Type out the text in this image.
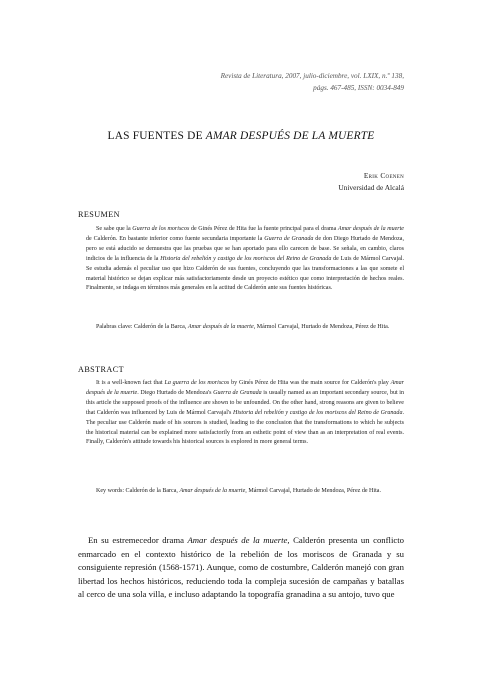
Revista de Literatura, 2007, julio-diciembre, vol. LXIX, n.º 138,
págs. 467-485, ISSN: 0034-849
LAS FUENTES DE AMAR DESPUÉS DE LA MUERTE
Erik Coenen
Universidad de Alcalá
RESUMEN
Se sabe que la Guerra de los moriscos de Ginés Pérez de Hita fue la fuente principal para el drama Amar después de la muerte de Calderón. En bastante inferior como fuente secundaria importante la Guerra de Granada de don Diego Hurtado de Mendoza, pero se está aducido se demuestra que las pruebas que se han aportado para ello carecen de base. Se señala, en cambio, claros indicios de la influencia de la Historia del rebelión y castigo de los moriscos del Reino de Granada de Luis de Mármol Carvajal. Se estudia además el peculiar uso que hizo Calderón de sus fuentes, concluyendo que las transformaciones a las que somete el material histórico se dejan explicar más satisfactoriamente desde un proyecto estético que como interpretación de hechos reales. Finalmente, se indaga en términos más generales en la actitud de Calderón ante sus fuentes históricas.
Palabras clave: Calderón de la Barca, Amar después de la muerte, Mármol Carvajal, Hurtado de Mendoza, Pérez de Hita.
ABSTRACT
It is a well-known fact that La guerra de los moriscos by Ginés Pérez de Hita was the main source for Calderón's play Amar después de la muerte. Diego Hurtado de Mendoza's Guerra de Granada is usually named as an important secondary source, but in this article the supposed proofs of the influence are shown to be unfounded. On the other hand, strong reasons are given to believe that Calderón was influenced by Luis de Mármol Carvajal's Historia del rebelión y castigo de los moriscos del Reino de Granada. The peculiar use Calderón made of his sources is studied, leading to the conclusion that the transformations to which he subjects the historical material can be explained more satisfactorily from an esthetic point of view than as an interpretation of real events. Finally, Calderón's attitude towards his historical sources is explored in more general terms.
Key words: Calderón de la Barca, Amar después de la muerte, Mármol Carvajal, Hurtado de Mendoza, Pérez de Hita.
En su estremecedor drama Amar después de la muerte, Calderón presenta un conflicto enmarcado en el contexto histórico de la rebelión de los moriscos de Granada y su consiguiente represión (1568-1571). Aunque, como de costumbre, Calderón manejó con gran libertad los hechos históricos, reduciendo toda la compleja sucesión de campañas y batallas al cerco de una sola villa, e incluso adaptando la topografía granadina a su antojo, tuvo que
